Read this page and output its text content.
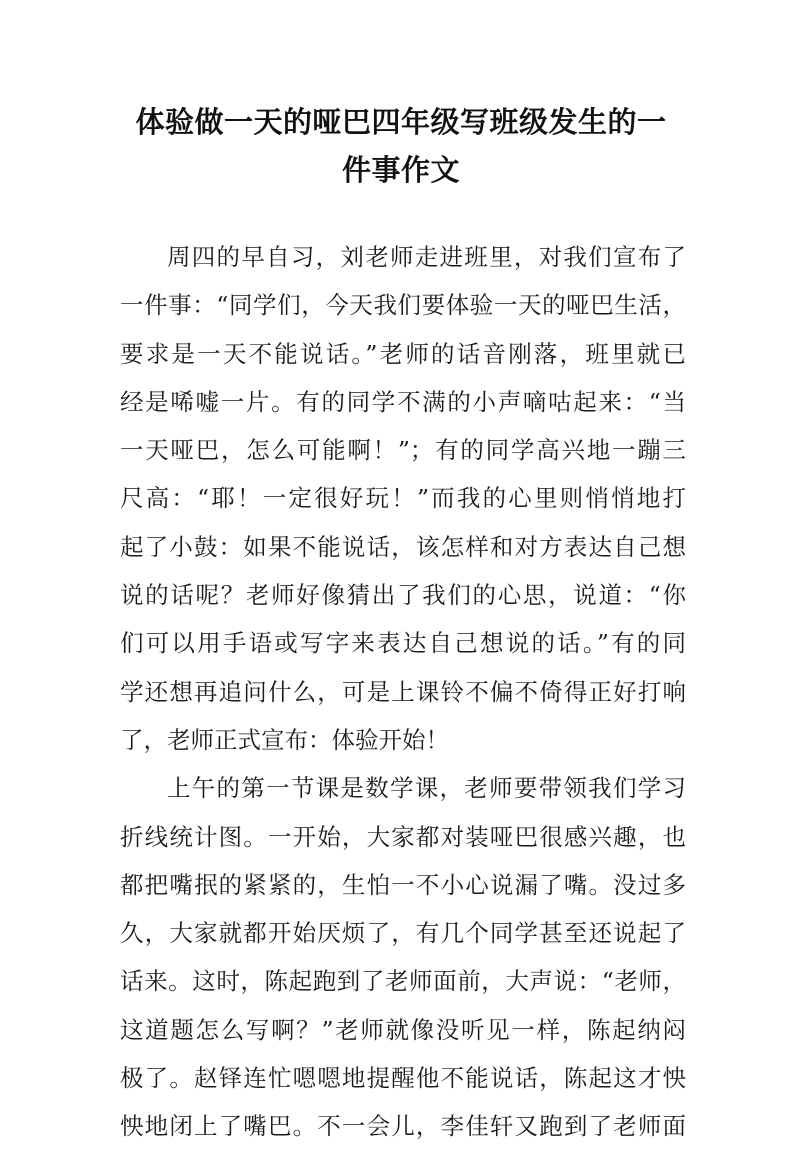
体验做一天的哑巴四年级写班级发生的一
件事作文
周四的早自习，刘老师走进班里，对我们宣布了
一件事：“同学们，今天我们要体验一天的哑巴生活，
要求是一天不能说话。”老师的话音刚落，班里就已
经是唏嘘一片。有的同学不满的小声嘀咕起来：“当
一天哑巴，怎么可能啊！”；有的同学高兴地一蹦三
尺高：“耶！一定很好玩！”而我的心里则悄悄地打
起了小鼓：如果不能说话，该怎样和对方表达自己想
说的话呢？老师好像猜出了我们的心思，说道：“你
们可以用手语或写字来表达自己想说的话。”有的同
学还想再追问什么，可是上课铃不偏不倚得正好打响
了，老师正式宣布：体验开始！
上午的第一节课是数学课，老师要带领我们学习
折线统计图。一开始，大家都对装哑巴很感兴趣，也
都把嘴抿的紧紧的，生怕一不小心说漏了嘴。没过多
久，大家就都开始厌烦了，有几个同学甚至还说起了
话来。这时，陈起跑到了老师面前，大声说：“老师，
这道题怎么写啊？”老师就像没听见一样，陈起纳闷
极了。赵铎连忙嗯嗯地提醒他不能说话，陈起这才怏
怏地闭上了嘴巴。不一会儿，李佳轩又跑到了老师面
